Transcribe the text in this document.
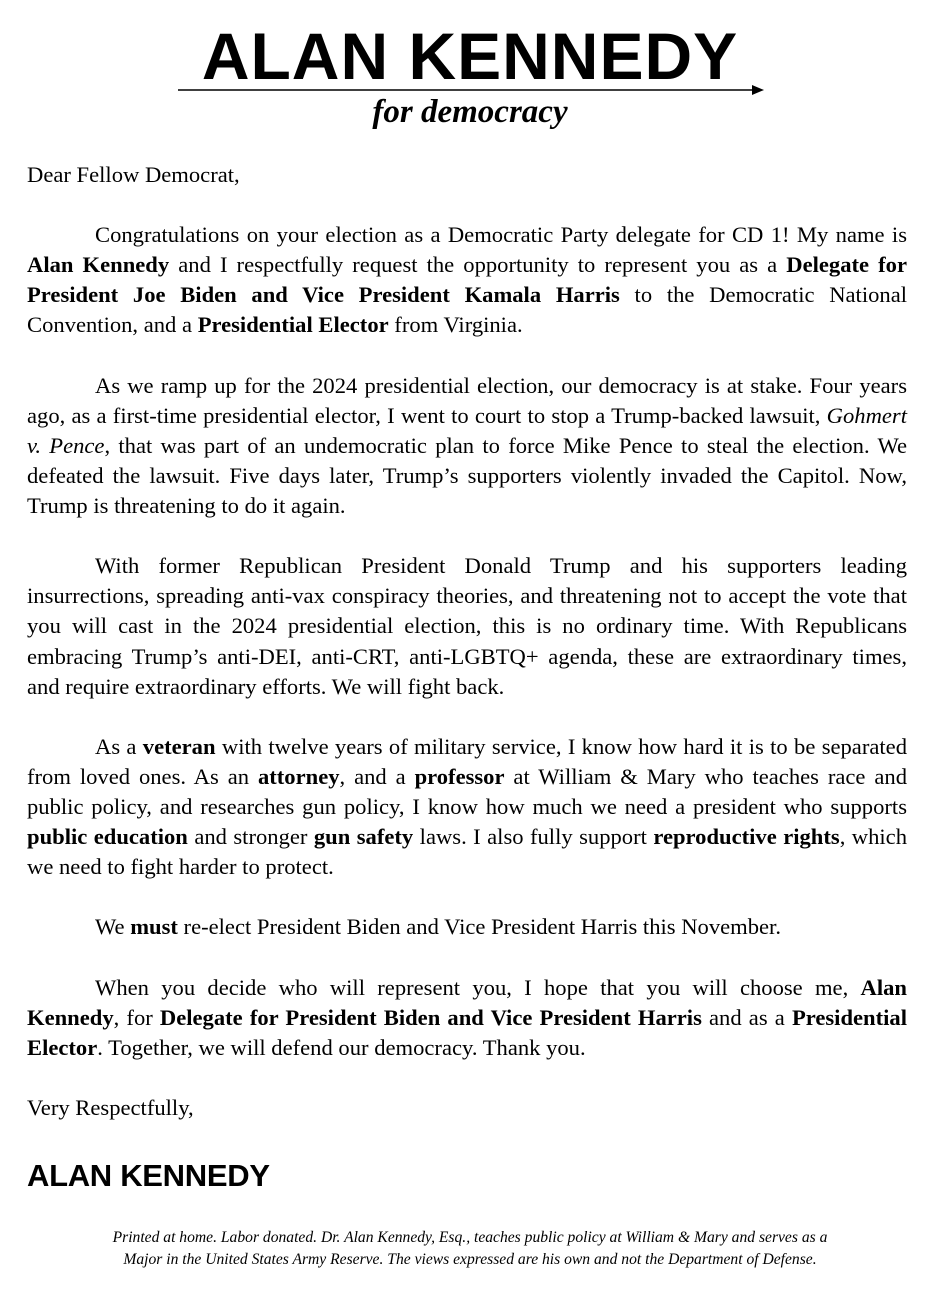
ALAN KENNEDY
for democracy

Dear Fellow Democrat,

Congratulations on your election as a Democratic Party delegate for CD 1! My name is Alan Kennedy and I respectfully request the opportunity to represent you as a Delegate for President Joe Biden and Vice President Kamala Harris to the Democratic National Convention, and a Presidential Elector from Virginia.

As we ramp up for the 2024 presidential election, our democracy is at stake. Four years ago, as a first-time presidential elector, I went to court to stop a Trump-backed lawsuit, Gohmert v. Pence, that was part of an undemocratic plan to force Mike Pence to steal the election. We defeated the lawsuit. Five days later, Trump’s supporters violently invaded the Capitol. Now, Trump is threatening to do it again.

With former Republican President Donald Trump and his supporters leading insurrections, spreading anti-vax conspiracy theories, and threatening not to accept the vote that you will cast in the 2024 presidential election, this is no ordinary time. With Republicans embracing Trump’s anti-DEI, anti-CRT, anti-LGBTQ+ agenda, these are extraordinary times, and require extraordinary efforts. We will fight back.

As a veteran with twelve years of military service, I know how hard it is to be separated from loved ones. As an attorney, and a professor at William & Mary who teaches race and public policy, and researches gun policy, I know how much we need a president who supports public education and stronger gun safety laws. I also fully support reproductive rights, which we need to fight harder to protect.

We must re-elect President Biden and Vice President Harris this November.

When you decide who will represent you, I hope that you will choose me, Alan Kennedy, for Delegate for President Biden and Vice President Harris and as a Presidential Elector. Together, we will defend our democracy. Thank you.

Very Respectfully,

ALAN KENNEDY
Printed at home. Labor donated. Dr. Alan Kennedy, Esq., teaches public policy at William & Mary and serves as a
Major in the United States Army Reserve. The views expressed are his own and not the Department of Defense.
